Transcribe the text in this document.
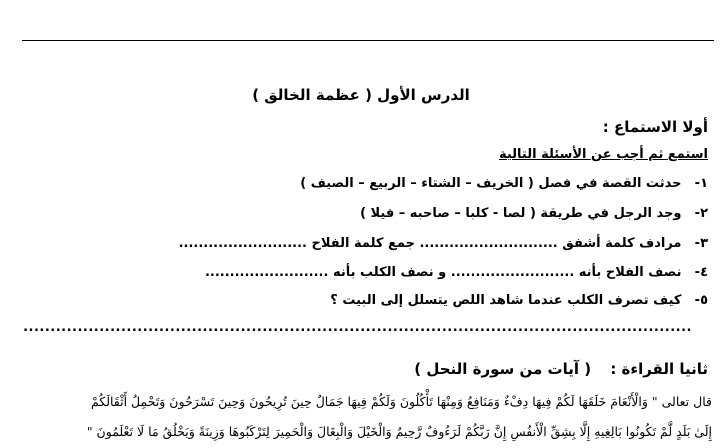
الدرس الأول ( عظمة الخالق )
أولا الاستماع :
استمع ثم أجب عن الأسئلة التالية
١- حدثت القصة في فصل ( الخريف – الشتاء – الربيع – الصيف )
٢- وجد الرجل في طريقة ( لصا - كلبا – صاحبه – فيلا )
٣- مرادف كلمة أشفق ............................ جمع كلمة الفلاح ..........................
٤- نصف الفلاح بأنه ......................... و نصف الكلب بأنه .........................
٥- كيف تصرف الكلب عندما شاهد اللص يتسلل إلى البيت ؟
...........................................................................................................................
ثانيا القراءة : ( آيات من سورة النحل )
قال تعالى " وَالْأَنْعَامَ خَلَقَهَا لَكُمْ فِيهَا دِفْءٌ وَمَنَافِعُ وَمِنْهَا تَأْكُلُونَ وَلَكُمْ فِيهَا جَمَالٌ حِينَ تُرِيحُونَ وَحِينَ تَسْرَحُونَ وَتَحْمِلُ أَثْقَالَكُمْ
إِلَىٰ بَلَدٍ لَّمْ تَكُونُوا بَالِغِيهِ إِلَّا بِشِقِّ الْأَنفُسِ إِنَّ رَبَّكُمْ لَرَءُوفٌ رَّحِيمٌ وَالْخَيْلَ وَالْبِغَالَ وَالْحَمِيرَ لِتَرْكَبُوهَا وَزِينَةً وَيَخْلُقُ مَا لَا تَعْلَمُونَ "
